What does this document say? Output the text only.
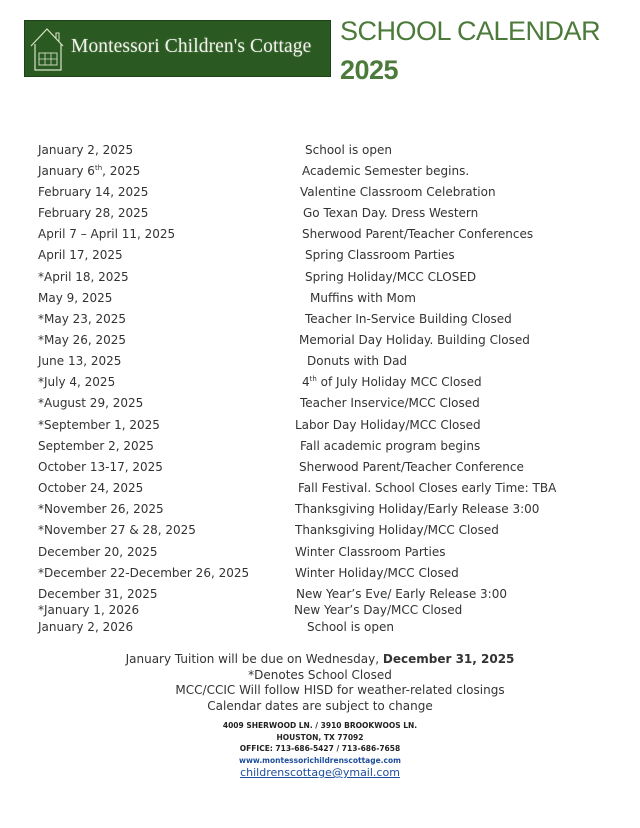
Montessori Children's Cottage
SCHOOL CALENDAR
2025
January 2, 2025	School is open
January 6th, 2025	Academic Semester begins.
February 14, 2025	Valentine Classroom Celebration
February 28, 2025	Go Texan Day. Dress Western
April 7 – April 11, 2025	Sherwood Parent/Teacher Conferences
April 17, 2025	Spring Classroom Parties
*April 18, 2025	Spring Holiday/MCC CLOSED
May 9, 2025	Muffins with Mom
*May 23, 2025	Teacher In-Service Building Closed
*May 26, 2025	Memorial Day Holiday. Building Closed
June 13, 2025	Donuts with Dad
*July 4, 2025	4th of July Holiday MCC Closed
*August 29, 2025	Teacher Inservice/MCC Closed
*September 1, 2025	Labor Day Holiday/MCC Closed
September 2, 2025	Fall academic program begins
October 13-17, 2025	Sherwood Parent/Teacher Conference
October 24, 2025	Fall Festival. School Closes early Time: TBA
*November 26, 2025	Thanksgiving Holiday/Early Release 3:00
*November 27 & 28, 2025	Thanksgiving Holiday/MCC Closed
December 20, 2025	Winter Classroom Parties
*December 22-December 26, 2025	Winter Holiday/MCC Closed
December 31, 2025	New Year’s Eve/ Early Release 3:00
*January 1, 2026	New Year’s Day/MCC Closed
January 2, 2026	School is open
January Tuition will be due on Wednesday, December 31, 2025
*Denotes School Closed
MCC/CCIC Will follow HISD for weather-related closings
Calendar dates are subject to change
4009 SHERWOOD LN. / 3910 BROOKWOOS LN.
HOUSTON, TX 77092
OFFICE: 713-686-5427 / 713-686-7658
www.montessorichildrenscottage.com
childrenscottage@ymail.com
